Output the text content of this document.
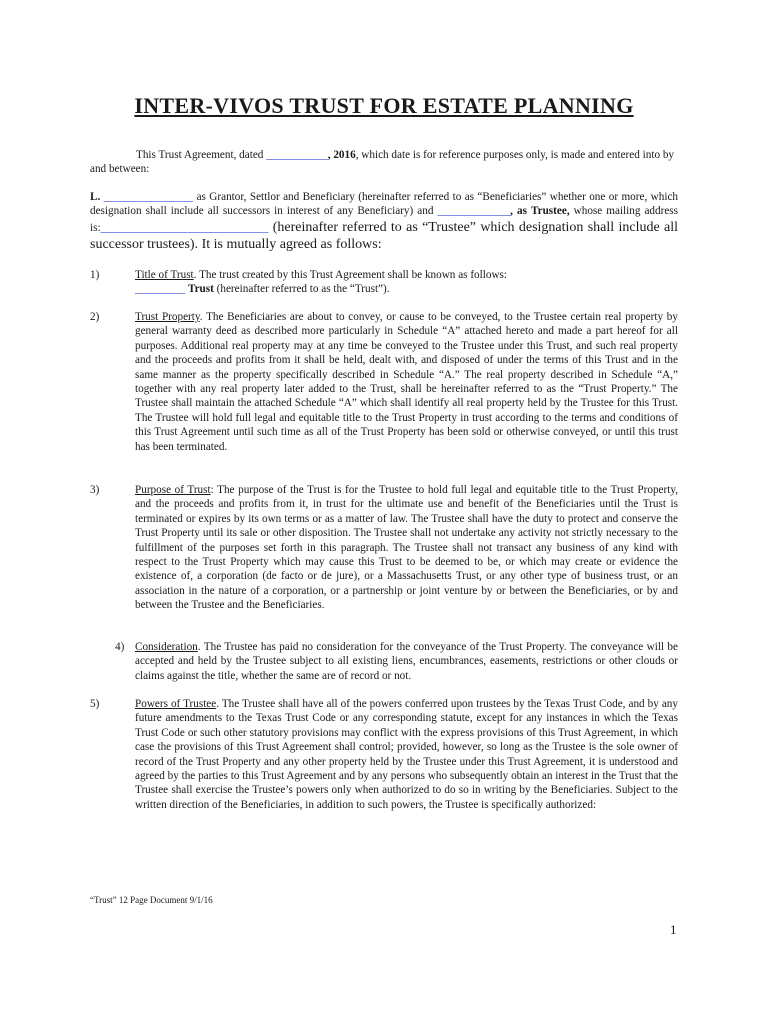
INTER-VIVOS TRUST FOR ESTATE PLANNING
This Trust Agreement, dated ___________, 2016, which date is for reference purposes only, is made and entered into by and between:
L. ________________ as Grantor, Settlor and Beneficiary (hereinafter referred to as “Beneficiaries” whether one or more, which designation shall include all successors in interest of any Beneficiary) and _____________, as Trustee, whose mailing address is:______________________________ (hereinafter referred to as “Trustee” which designation shall include all successor trustees). It is mutually agreed as follows:
1)	Title of Trust. The trust created by this Trust Agreement shall be known as follows:
_________ Trust (hereinafter referred to as the “Trust”).
2)	Trust Property. The Beneficiaries are about to convey, or cause to be conveyed, to the Trustee certain real property by general warranty deed as described more particularly in Schedule “A” attached hereto and made a part hereof for all purposes. Additional real property may at any time be conveyed to the Trustee under this Trust, and such real property and the proceeds and profits from it shall be held, dealt with, and disposed of under the terms of this Trust and in the same manner as the property specifically described in Schedule “A.” The real property described in Schedule “A,” together with any real property later added to the Trust, shall be hereinafter referred to as the “Trust Property.” The Trustee shall maintain the attached Schedule “A” which shall identify all real property held by the Trustee for this Trust. The Trustee will hold full legal and equitable title to the Trust Property in trust according to the terms and conditions of this Trust Agreement until such time as all of the Trust Property has been sold or otherwise conveyed, or until this trust has been terminated.
3)	Purpose of Trust: The purpose of the Trust is for the Trustee to hold full legal and equitable title to the Trust Property, and the proceeds and profits from it, in trust for the ultimate use and benefit of the Beneficiaries until the Trust is terminated or expires by its own terms or as a matter of law. The Trustee shall have the duty to protect and conserve the Trust Property until its sale or other disposition. The Trustee shall not undertake any activity not strictly necessary to the fulfillment of the purposes set forth in this paragraph. The Trustee shall not transact any business of any kind with respect to the Trust Property which may cause this Trust to be deemed to be, or which may create or evidence the existence of, a corporation (de facto or de jure), or a Massachusetts Trust, or any other type of business trust, or an association in the nature of a corporation, or a partnership or joint venture by or between the Beneficiaries, or by and between the Trustee and the Beneficiaries.
4) Consideration. The Trustee has paid no consideration for the conveyance of the Trust Property. The conveyance will be accepted and held by the Trustee subject to all existing liens, encumbrances, easements, restrictions or other clouds or claims against the title, whether the same are of record or not.
5)	Powers of Trustee. The Trustee shall have all of the powers conferred upon trustees by the Texas Trust Code, and by any future amendments to the Texas Trust Code or any corresponding statute, except for any instances in which the Texas Trust Code or such other statutory provisions may conflict with the express provisions of this Trust Agreement, in which case the provisions of this Trust Agreement shall control; provided, however, so long as the Trustee is the sole owner of record of the Trust Property and any other property held by the Trustee under this Trust Agreement, it is understood and agreed by the parties to this Trust Agreement and by any persons who subsequently obtain an interest in the Trust that the Trustee shall exercise the Trustee’s powers only when authorized to do so in writing by the Beneficiaries. Subject to the written direction of the Beneficiaries, in addition to such powers, the Trustee is specifically authorized:
“Trust” 12 Page Document 9/1/16
1
